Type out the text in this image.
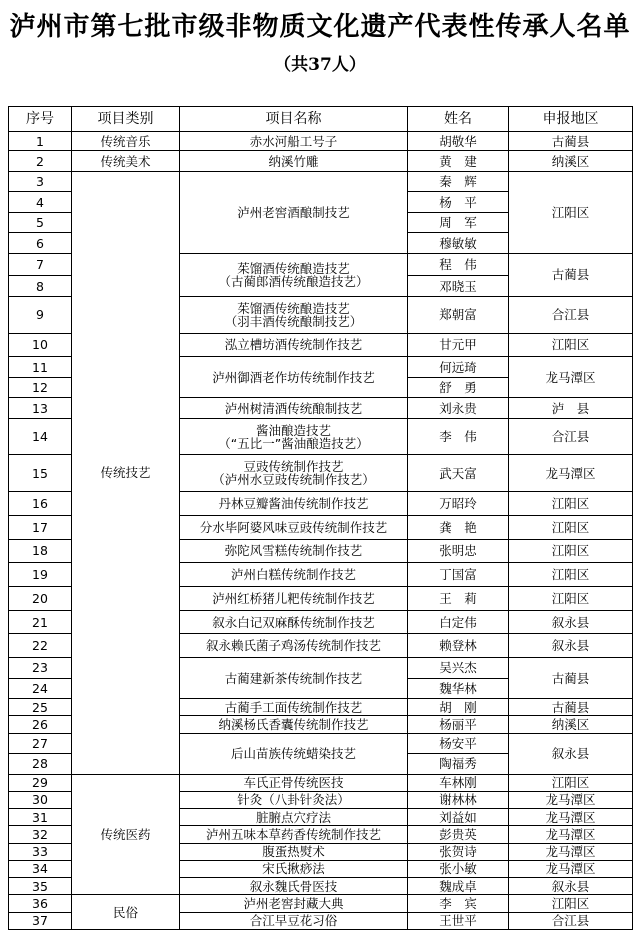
泸州市第七批市级非物质文化遗产代表性传承人名单
（共37人）
序号	项目类别	项目名称	姓名	申报地区
1	传统音乐	赤水河船工号子	胡敬华	古蔺县
2	传统美术	纳溪竹雕	黄　建	纳溪区
3	传统技艺	泸州老窖酒酿制技艺	秦　辉	江阳区
4			杨　平	
5			周　军	
6			穆敏敏	
7		茱馏酒传统酿造技艺
（古蔺郎酒传统酿造技艺）	程　伟	古蔺县
8			邓晓玉	
9		茱馏酒传统酿造技艺
（羽丰酒传统酿制技艺）	郑朝富	合江县
10		泓立槽坊酒传统制作技艺	甘元甲	江阳区
11		泸州御酒老作坊传统制作技艺	何远琦	龙马潭区
12			舒　勇	
13		泸州树清酒传统酿制技艺	刘永贵	泸　县
14		酱油酿造技艺
（“五比一”酱油酿造技艺）	李　伟	合江县
15		豆豉传统制作技艺
（泸州水豆豉传统制作技艺）	武天富	龙马潭区
16		丹林豆瓣酱油传统制作技艺	万昭玲	江阳区
17		分水毕阿婆风味豆豉传统制作技艺	龚　艳	江阳区
18		弥陀风雪糕传统制作技艺	张明忠	江阳区
19		泸州白糕传统制作技艺	丁国富	江阳区
20		泸州红桥猪儿粑传统制作技艺	王　莉	江阳区
21		叙永白记双麻酥传统制作技艺	白定伟	叙永县
22		叙永赖氏菌子鸡汤传统制作技艺	赖登林	叙永县
23		古蔺建新茶传统制作技艺	吴兴杰	古蔺县
24			魏华林	
25		古蔺手工面传统制作技艺	胡　刚	古蔺县
26		纳溪杨氏香囊传统制作技艺	杨丽平	纳溪区
27		后山苗族传统蜡染技艺	杨安平	叙永县
28			陶福秀	
29	传统医药	车氏正骨传统医技	车林刚	江阳区
30		针灸（八卦针灸法）	谢林林	龙马潭区
31		脏腑点穴疗法	刘益如	龙马潭区
32		泸州五味本草药香传统制作技艺	彭贵英	龙马潭区
33		腹蛋热熨术	张贺诗	龙马潭区
34		宋氏揪痧法	张小敏	龙马潭区
35		叙永魏氏骨医技	魏成卓	叙永县
36	民俗	泸州老窖封藏大典	李　宾	江阳区
37		合江早豆花习俗	王世平	合江县
